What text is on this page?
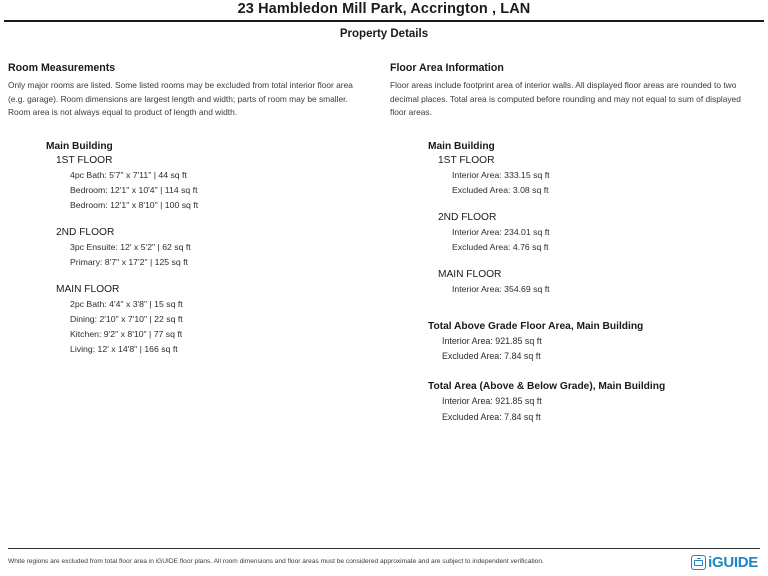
23 Hambledon Mill Park, Accrington , LAN
Property Details
Room Measurements
Only major rooms are listed. Some listed rooms may be excluded from total interior floor area (e.g. garage). Room dimensions are largest length and width; parts of room may be smaller. Room area is not always equal to product of length and width.
Main Building
1ST FLOOR
4pc Bath: 5'7" x 7'11" | 44 sq ft
Bedroom: 12'1" x 10'4" | 114 sq ft
Bedroom: 12'1" x 8'10" | 100 sq ft
2ND FLOOR
3pc Ensuite: 12' x 5'2" | 62 sq ft
Primary: 8'7" x 17'2" | 125 sq ft
MAIN FLOOR
2pc Bath: 4'4" x 3'8" | 15 sq ft
Dining: 2'10" x 7'10" | 22 sq ft
Kitchen: 9'2" x 8'10" | 77 sq ft
Living: 12' x 14'8" | 166 sq ft
Floor Area Information
Floor areas include footprint area of interior walls. All displayed floor areas are rounded to two decimal places. Total area is computed before rounding and may not equal to sum of displayed floor areas.
Main Building
1ST FLOOR
Interior Area: 333.15 sq ft
Excluded Area: 3.08 sq ft
2ND FLOOR
Interior Area: 234.01 sq ft
Excluded Area: 4.76 sq ft
MAIN FLOOR
Interior Area: 354.69 sq ft
Total Above Grade Floor Area, Main Building
Interior Area: 921.85 sq ft
Excluded Area: 7.84 sq ft
Total Area (Above & Below Grade), Main Building
Interior Area: 921.85 sq ft
Excluded Area: 7.84 sq ft
White regions are excluded from total floor area in iGUIDE floor plans. All room dimensions and floor areas must be considered approximate and are subject to independent verification.	iGUIDE
